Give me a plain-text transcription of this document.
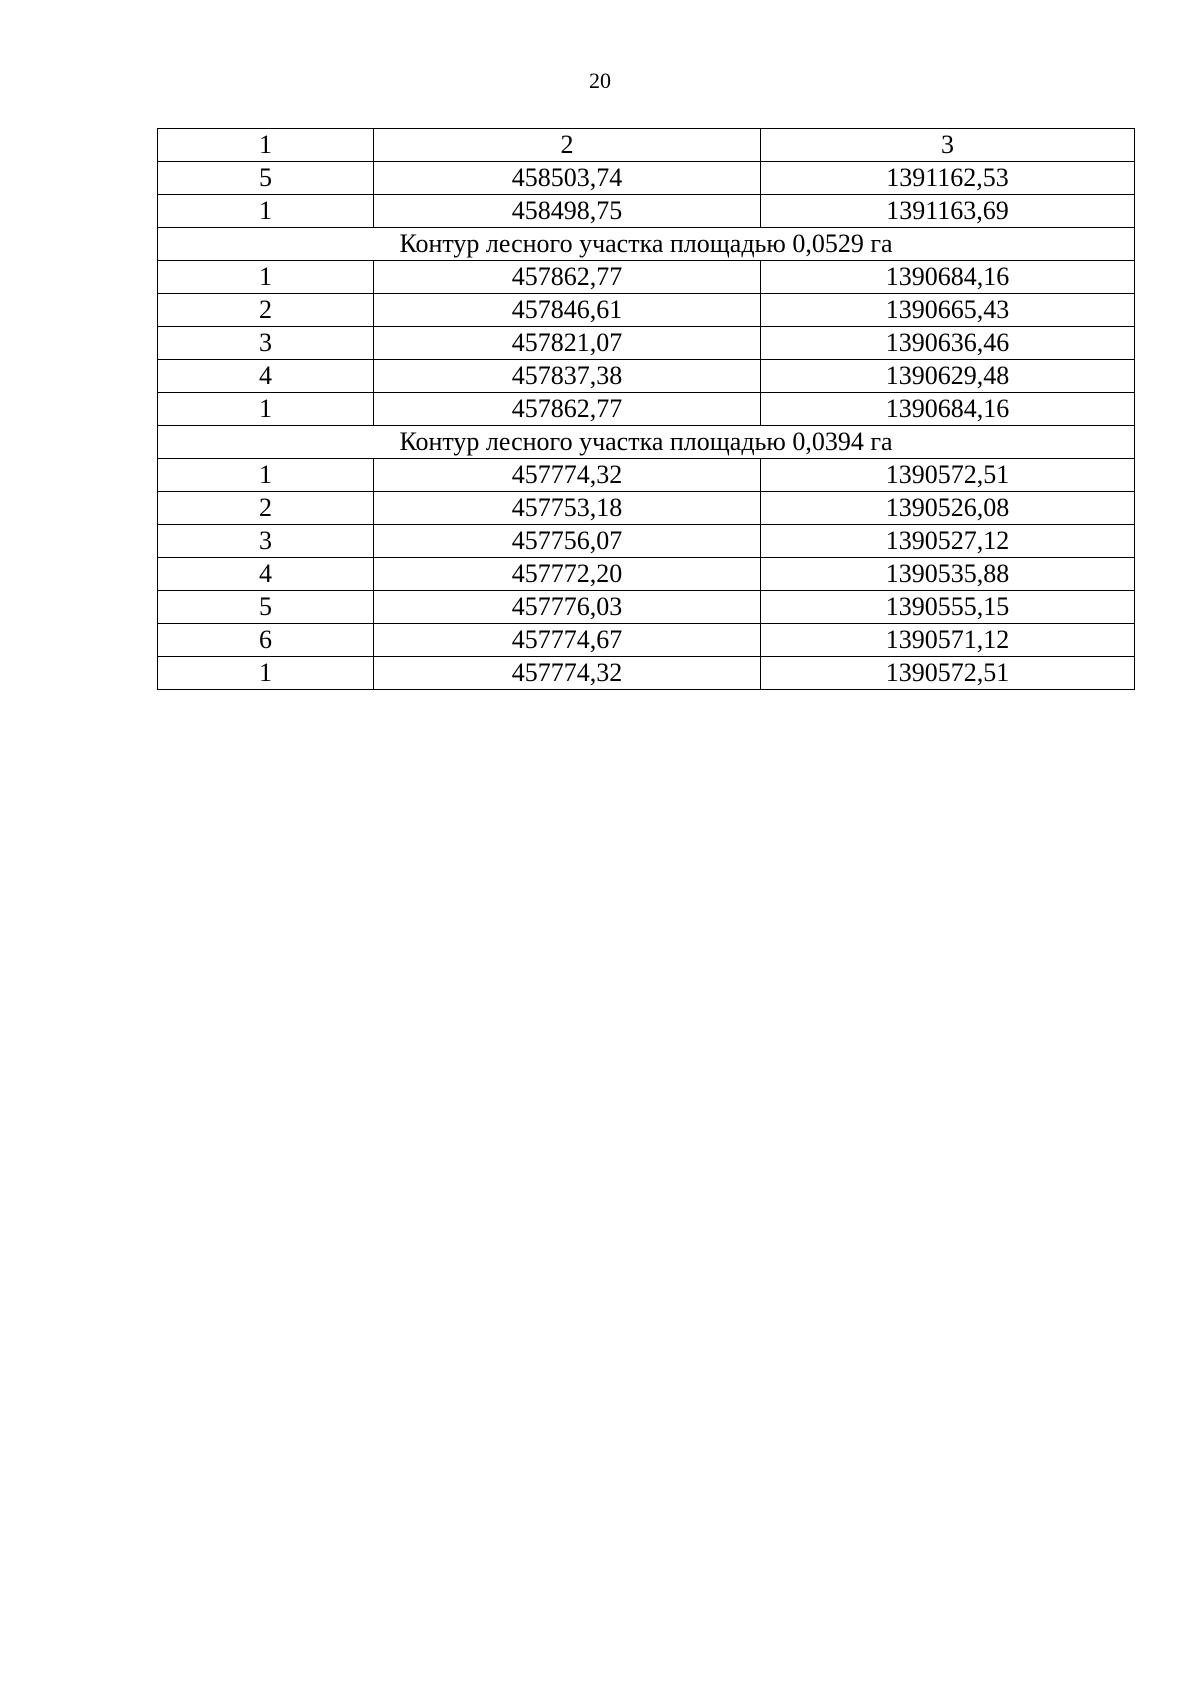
20
1	2	3
5	458503,74	1391162,53
1	458498,75	1391163,69
Контур лесного участка площадью 0,0529 га		
1	457862,77	1390684,16
2	457846,61	1390665,43
3	457821,07	1390636,46
4	457837,38	1390629,48
1	457862,77	1390684,16
Контур лесного участка площадью 0,0394 га		
1	457774,32	1390572,51
2	457753,18	1390526,08
3	457756,07	1390527,12
4	457772,20	1390535,88
5	457776,03	1390555,15
6	457774,67	1390571,12
1	457774,32	1390572,51
